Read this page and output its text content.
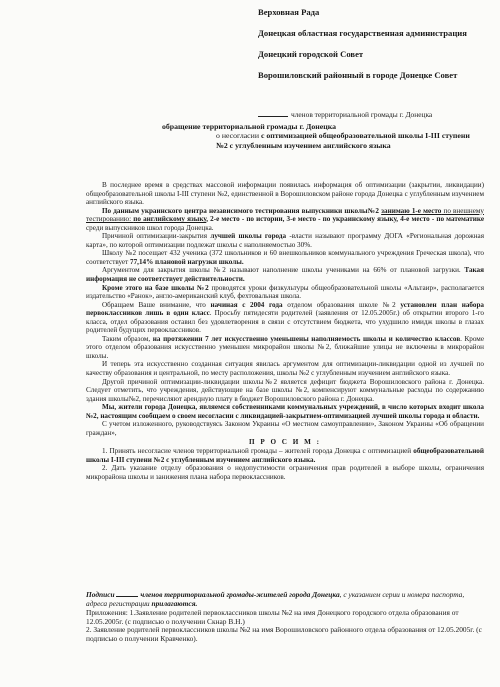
Верховная Рада
Донецкая областная государственная администрация
Донецкий городской Совет
Ворошиловский районный в городе Донецке Совет
членов территориальной громады г. Донецка
обращение территориальной громады г. Донецка
о несогласии с оптимизацией общеобразовательной школы I-III ступени №2 с углубленным изучением английского языка

В последнее время в средствах массовой информации появилась информация об оптимизации (закрытии, ликвидации) общеобразовательной школы I-III ступени №2, единственной в Ворошиловском районе города Донецка с углубленным изучением английского языка.

По данным украинского центра независимого тестирования выпускники школы№2 занимаю 1-е место по внешнему тестированию: по английскому языку, 2-е место - по истории, 3-е место - по украинскому языку, 4-е место - по математике среди выпускников школ города Донецка.

Причиной оптимизации-закрытия лучшей школы города -власти называют программу ДОГА «Региональная дорожная карта», по которой оптимизации подлежат школы с наполняемостью 30%.

Школу №2 посещает 432 ученика (372 школьников и 60 внешкольников коммунального учреждения Греческая школа), что соответствует 77,14% плановой нагрузки школы.

Аргументом для закрытия школы №2 называют наполнение школы учениками на 66% от плановой загрузки. Такая информация не соответствует действительности.

Кроме этого на базе школы №2 проводятся уроки физкультуры общеобразовательной школы «Альтаир», располагается издательство «Ранок», англо-американский клуб, фехтовальная школа.

Обращаем Ваше внимание, что начиная с 2004 года отделом образования школе №2 установлен план набора первоклассников лишь в один класс. Просьбу пятидесяти родителей (заявления от 12.05.2005г.) об открытии второго 1-го класса, отдел образования оставил без удовлетворения в связи с отсутствием бюджета, что ухудшило имидж школы в глазах родителей будущих первоклассников.

Таким образом, на протяжении 7 лет искусственно уменьшены наполняемость школы и количество классов. Кроме этого отделом образования искусственно уменьшен микрорайон школы №2, ближайшие улицы не включены в микрорайон школы.

И теперь эта искусственно созданная ситуация явилась аргументом для оптимизации-ликвидации одной из лучшей по качеству образования и центральной, по месту расположения, школы №2 с углубленным изучением английского языка.

Другой причиной оптимизации-ликвидации школы№2 является дефицит бюджета Ворошиловского района г. Донецка. Следует отметить, что учреждения, действующие на базе школы №2, компенсируют коммунальные расходы по содержанию здания школы№2, перечисляют арендную плату в бюджет Ворошиловского района г. Донецка.

Мы, жители города Донецка, являемся собственниками коммунальных учреждений, в число которых входит школа №2, настоящим сообщаем о своем несогласии с ликвидацией-закрытием-оптимизацией лучшей школы города и области.

С учетом изложенного, руководствуясь Законом Украины «О местном самоуправлении», Законом Украины «Об обращении граждан»,

П Р О С И М :

1. Принять несогласие членов территориальной громады – жителей города Донецка с оптимизацией общеобразовательной школы I-III ступени №2 с углубленным изучением английского языка.

2. Дать указание отделу образования о недопустимости ограничения прав родителей в выборе школы, ограничения микрорайона школы и занижения плана набора первоклассников.

Подписи	членов территориальной громады-жителей города Донецка, с указанием серии и номера паспорта, адреса регистрации прилагаются.

Приложения: 1.Заявление родителей первоклассников школы №2 на имя Донецкого городского отдела образования от 12.05.2005г. (с подписью о получении Скнар В.Н.)

2. Заявление родителей первоклассников школы №2 на имя Ворошиловского районного отдела образования от 12.05.2005г. (с подписью о получении Кравченко).
